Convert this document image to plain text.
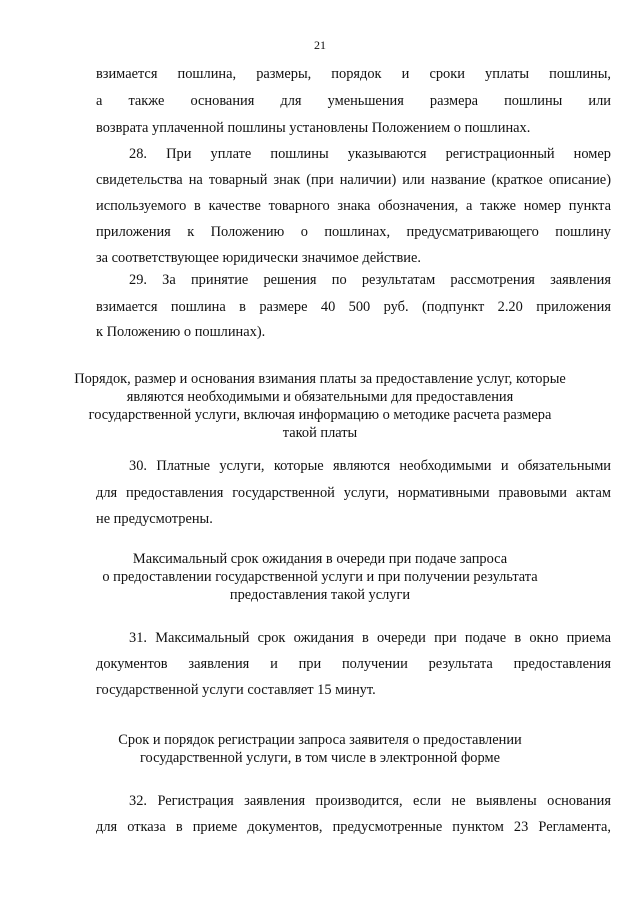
21
взимается пошлина, размеры, порядок и сроки уплаты пошлины,
а также основания для уменьшения размера пошлины или
возврата уплаченной пошлины установлены Положением о пошлинах.
28. При уплате пошлины указываются регистрационный номер
свидетельства на товарный знак (при наличии) или название (краткое описание)
используемого в качестве товарного знака обозначения, а также номер пункта
приложения к Положению о пошлинах, предусматривающего пошлину
за соответствующее юридически значимое действие.
29. За принятие решения по результатам рассмотрения заявления
взимается пошлина в размере 40 500 руб. (подпункт 2.20 приложения
к Положению о пошлинах).
Порядок, размер и основания взимания платы за предоставление услуг, которые
являются необходимыми и обязательными для предоставления
государственной услуги, включая информацию о методике расчета размера
такой платы
30. Платные услуги, которые являются необходимыми и обязательными
для предоставления государственной услуги, нормативными правовыми актам
не предусмотрены.
Максимальный срок ожидания в очереди при подаче запроса
о предоставлении государственной услуги и при получении результата
предоставления такой услуги
31. Максимальный срок ожидания в очереди при подаче в окно приема
документов заявления и при получении результата предоставления
государственной услуги составляет 15 минут.
Срок и порядок регистрации запроса заявителя о предоставлении
государственной услуги, в том числе в электронной форме
32. Регистрация заявления производится, если не выявлены основания
для отказа в приеме документов, предусмотренные пунктом 23 Регламента,
